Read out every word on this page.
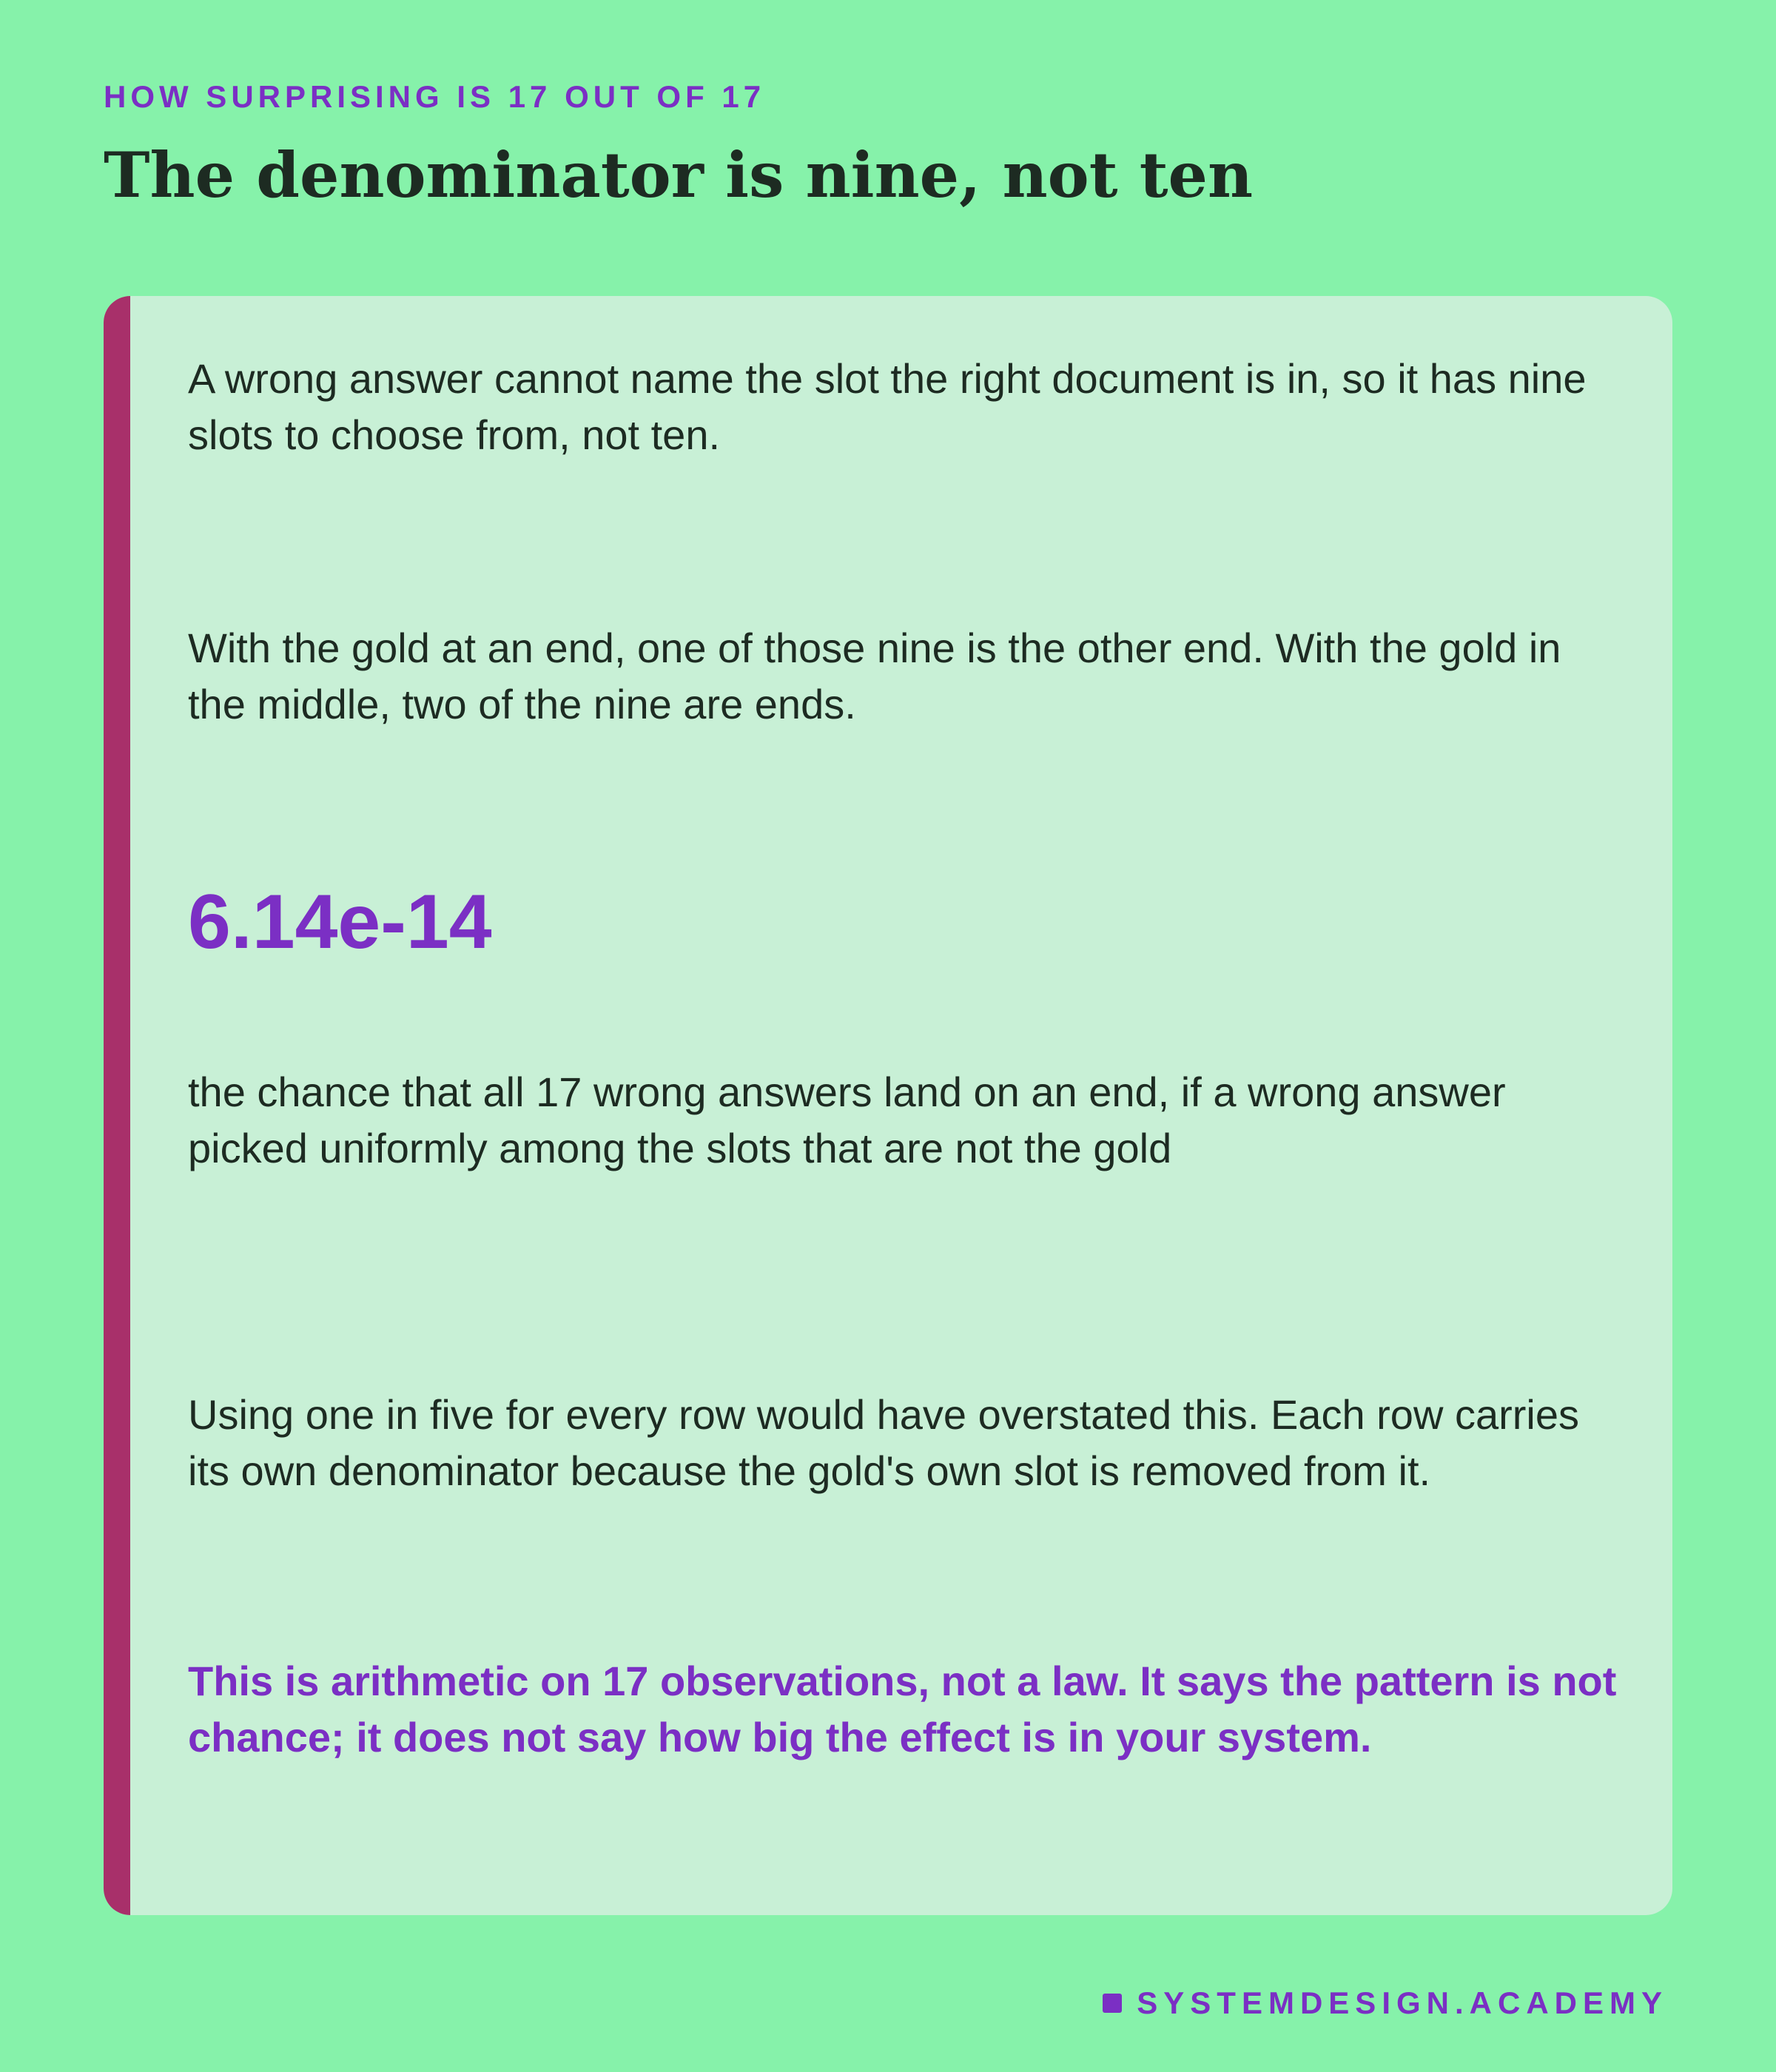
HOW SURPRISING IS 17 OUT OF 17
The denominator is nine, not ten

A wrong answer cannot name the slot the right document is in, so it has nine slots to choose from, not ten.

With the gold at an end, one of those nine is the other end. With the gold in the middle, two of the nine are ends.

6.14e-14

the chance that all 17 wrong answers land on an end, if a wrong answer picked uniformly among the slots that are not the gold

Using one in five for every row would have overstated this. Each row carries its own denominator because the gold's own slot is removed from it.

This is arithmetic on 17 observations, not a law. It says the pattern is not chance; it does not say how big the effect is in your system.

SYSTEMDESIGN.ACADEMY
